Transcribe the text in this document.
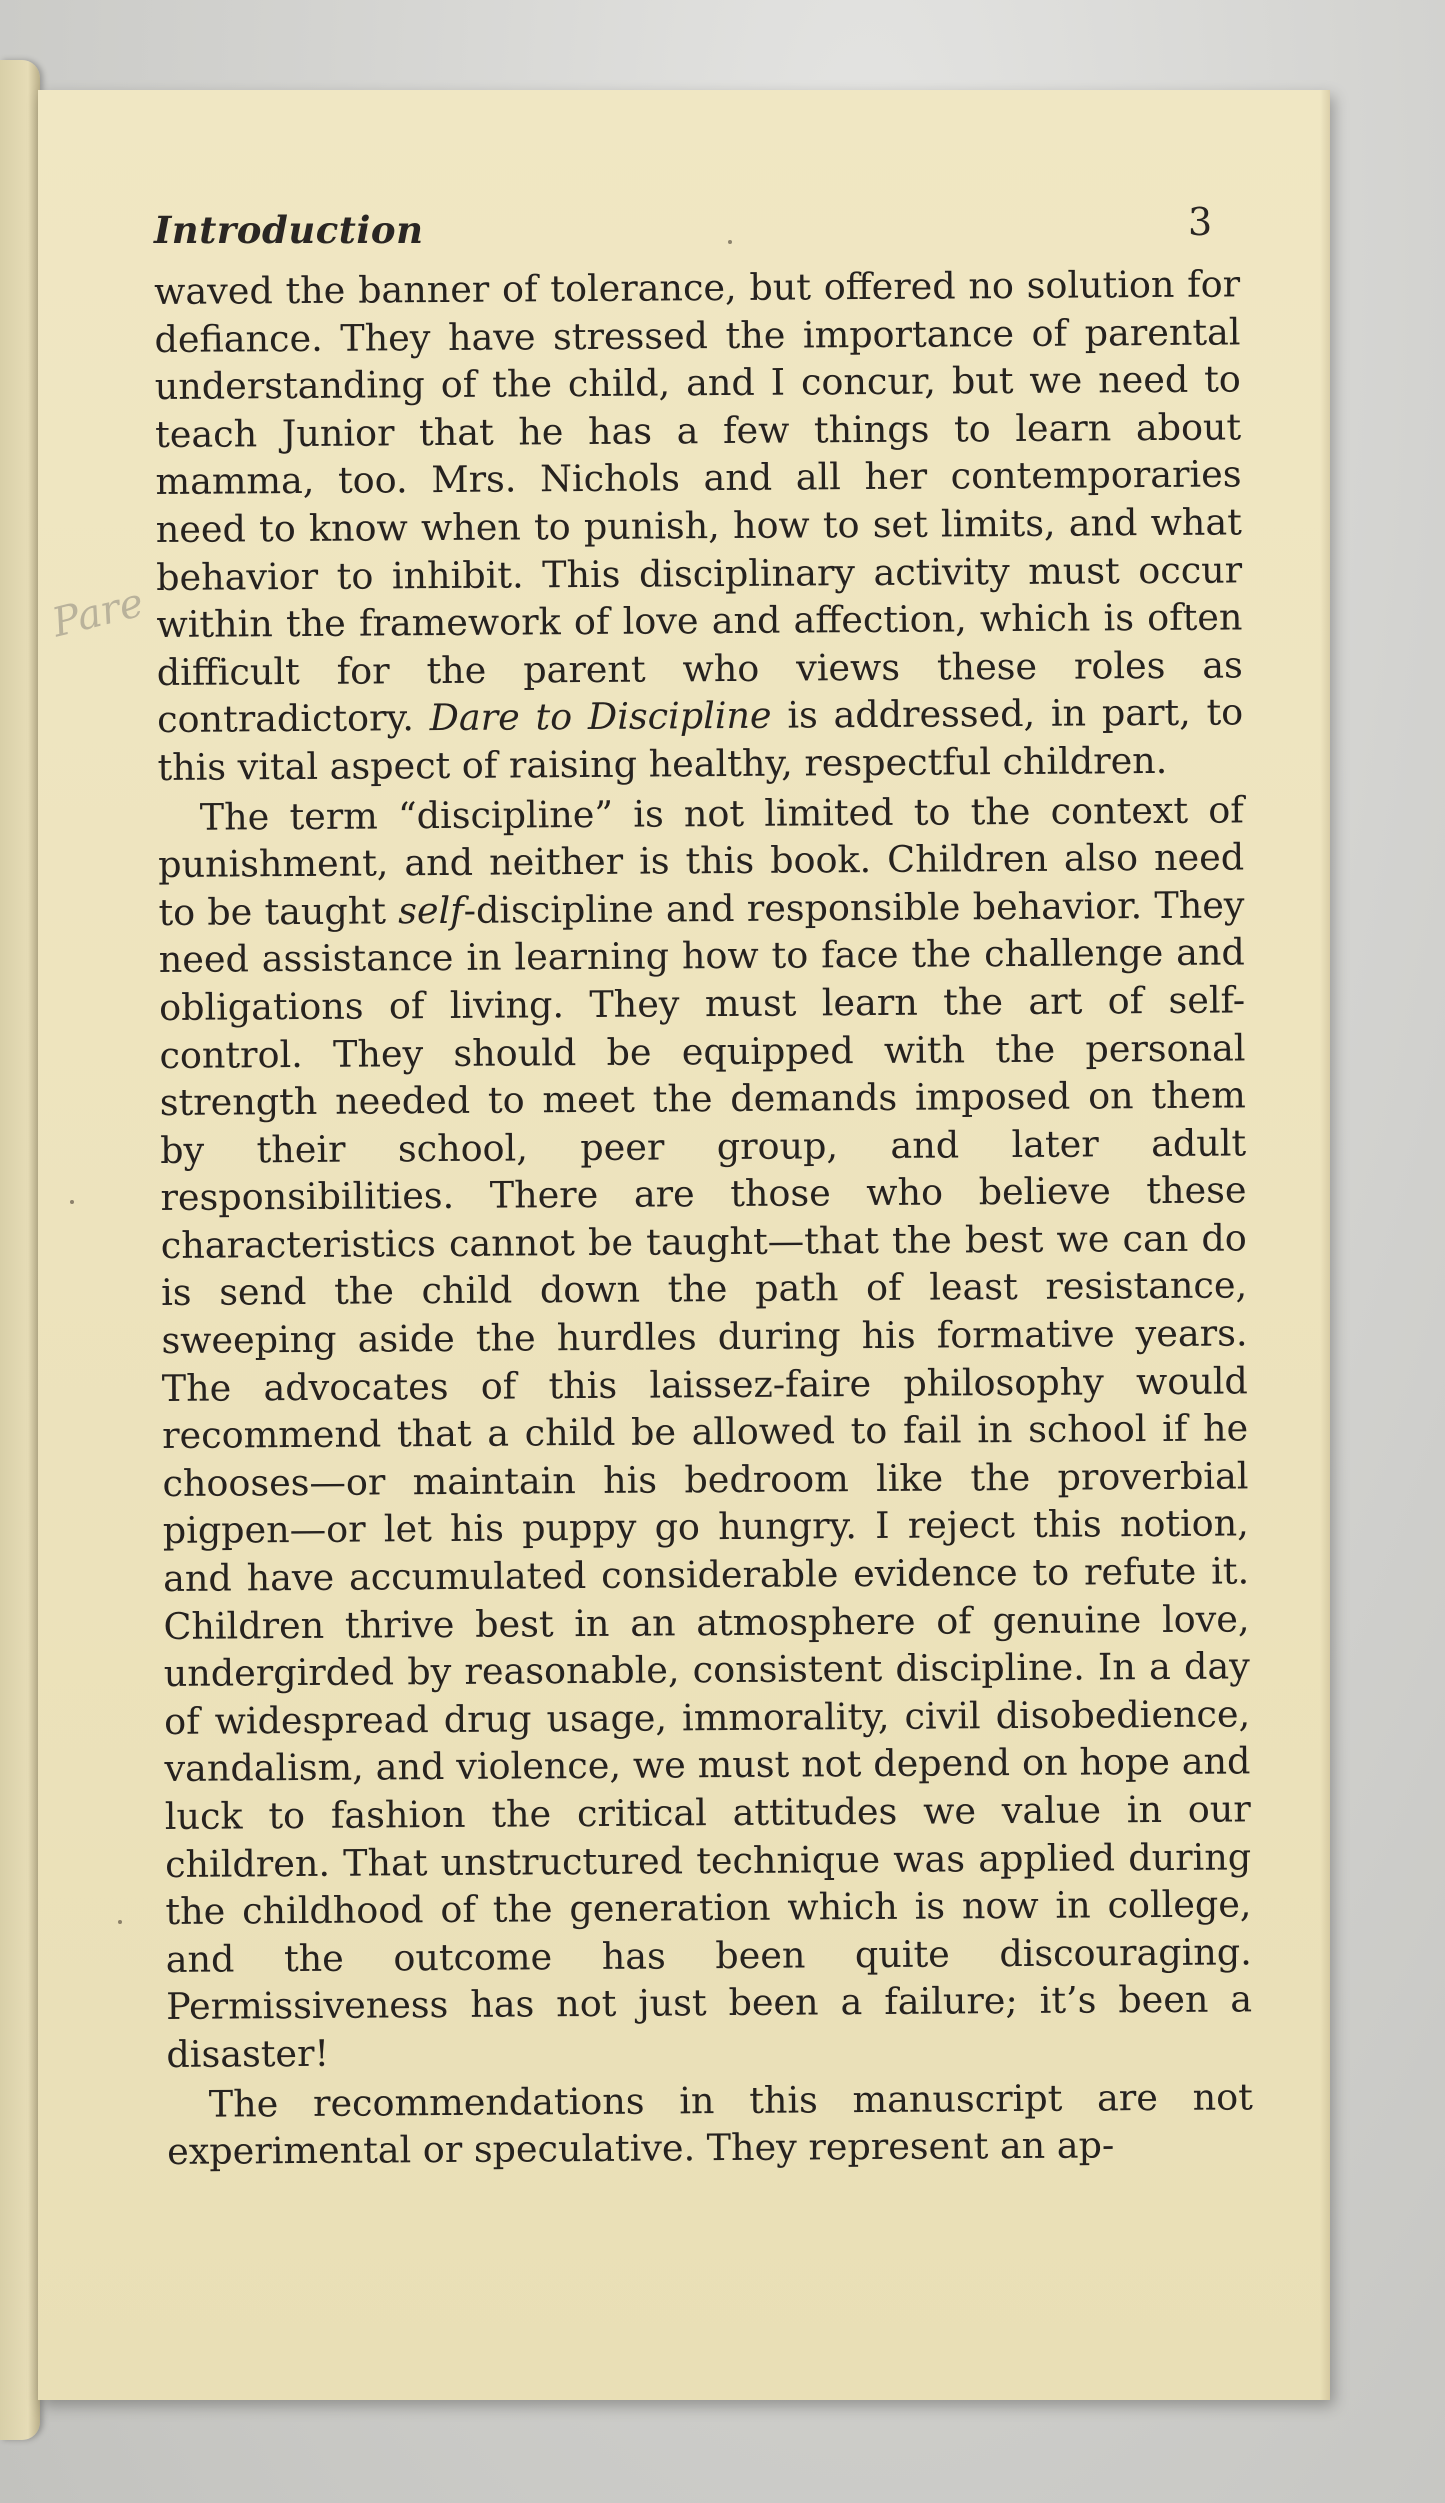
Introduction	3
Pare

waved the banner of tolerance, but offered no solution for defiance. They have stressed the importance of parental understanding of the child, and I concur, but we need to teach Junior that he has a few things to learn about mamma, too. Mrs. Nichols and all her contemporaries need to know when to punish, how to set limits, and what behavior to inhibit. This disciplinary activity must occur within the framework of love and affection, which is often difficult for the parent who views these roles as contradictory. Dare to Discipline is addressed, in part, to this vital aspect of raising healthy, respectful children.

The term “discipline” is not limited to the context of punishment, and neither is this book. Children also need to be taught self-discipline and responsible behavior. They need assistance in learning how to face the challenge and obligations of living. They must learn the art of self-control. They should be equipped with the personal strength needed to meet the demands imposed on them by their school, peer group, and later adult responsibilities. There are those who believe these characteristics cannot be taught—that the best we can do is send the child down the path of least resistance, sweeping aside the hurdles during his formative years. The advocates of this laissez-faire philosophy would recommend that a child be allowed to fail in school if he chooses—or maintain his bedroom like the proverbial pigpen—or let his puppy go hungry. I reject this notion, and have accumulated considerable evidence to refute it. Children thrive best in an atmosphere of genuine love, undergirded by reasonable, consistent discipline. In a day of widespread drug usage, immorality, civil disobedience, vandalism, and violence, we must not depend on hope and luck to fashion the critical attitudes we value in our children. That unstructured technique was applied during the childhood of the generation which is now in college, and the outcome has been quite discouraging. Permissiveness has not just been a failure; it’s been a disaster!

The recommendations in this manuscript are not experimental or speculative. They represent an ap-
